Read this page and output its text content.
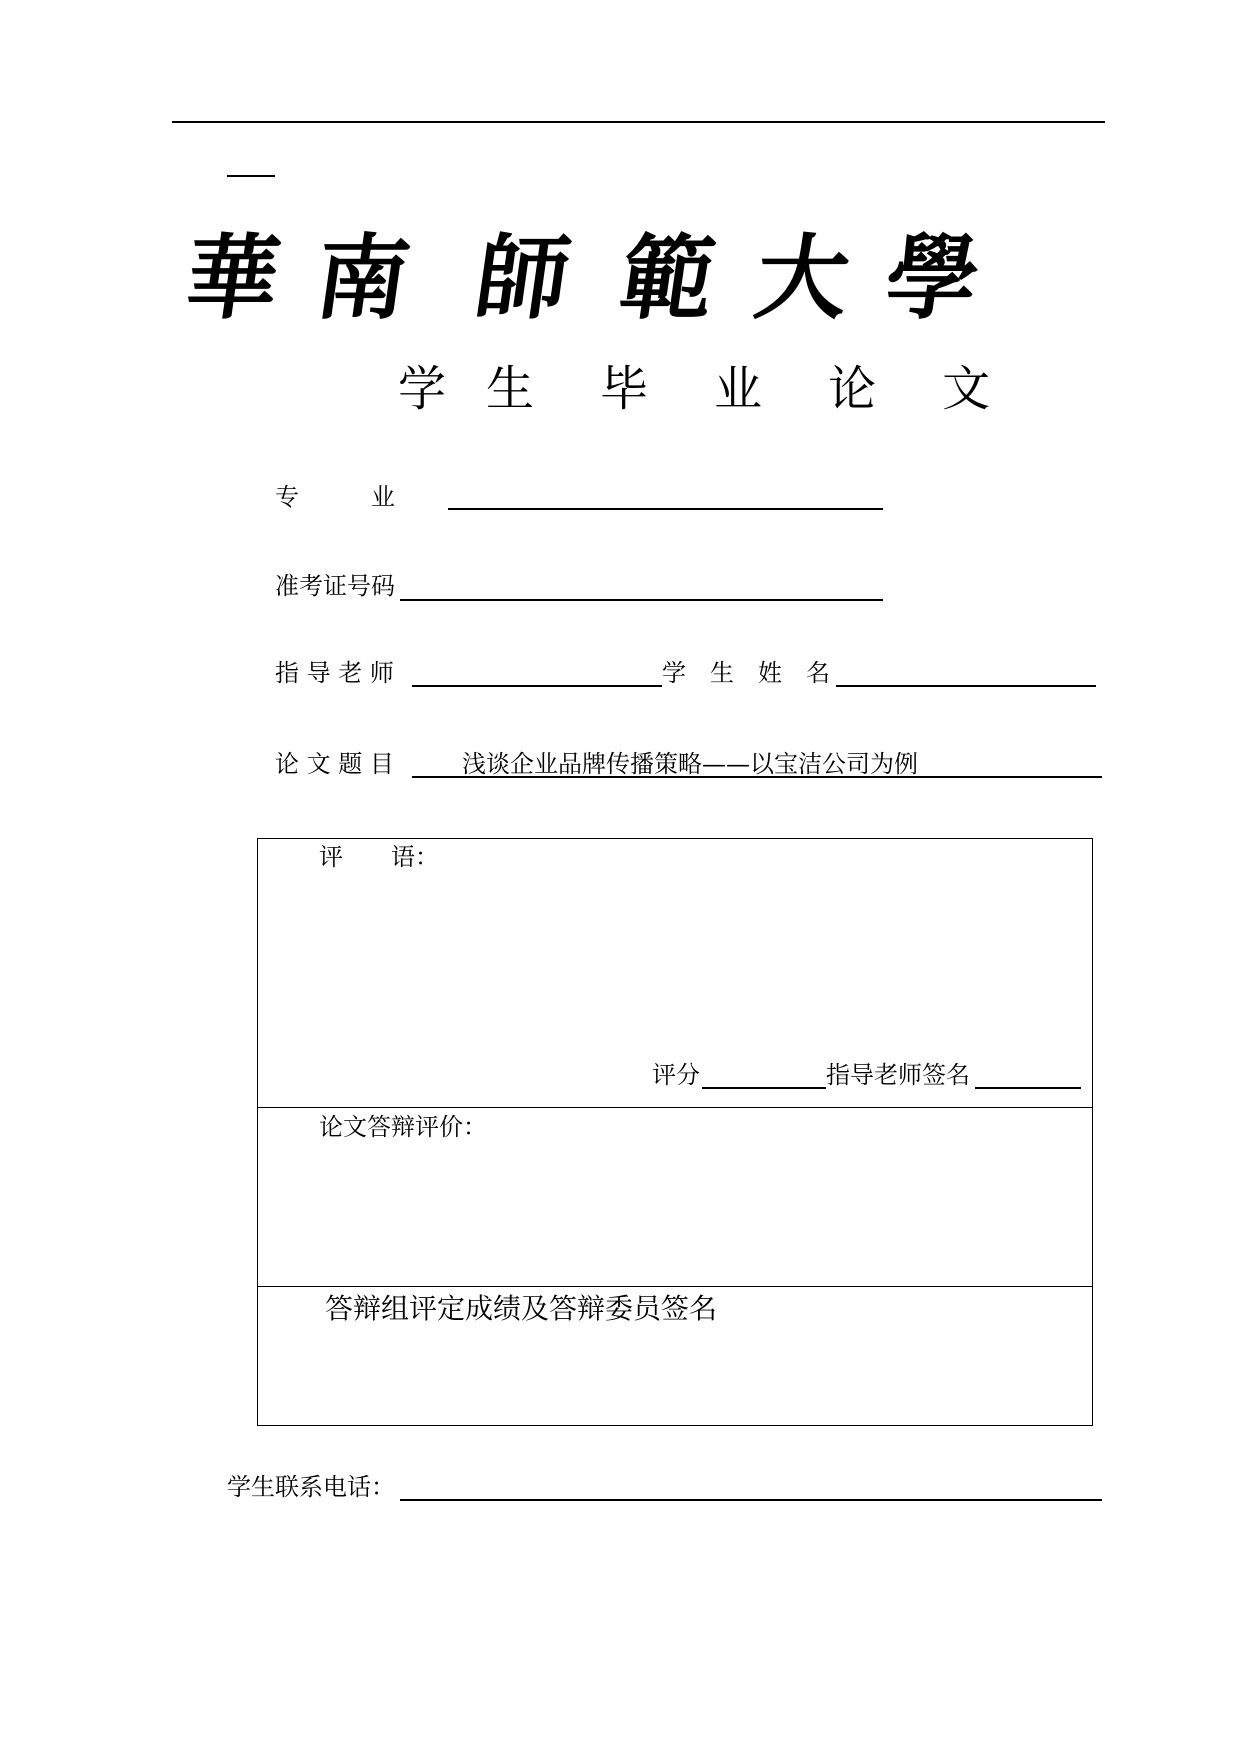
華 南 師 範 大 學
学 生 毕 业 论 文
专　　　业
准考证号码
指 导 老 师	学　生　姓　名
论 文 题 目	浅谈企业品牌传播策略——以宝洁公司为例
评　　语：
评分	指导老师签名
论文答辩评价：
答辩组评定成绩及答辩委员签名
学生联系电话：
